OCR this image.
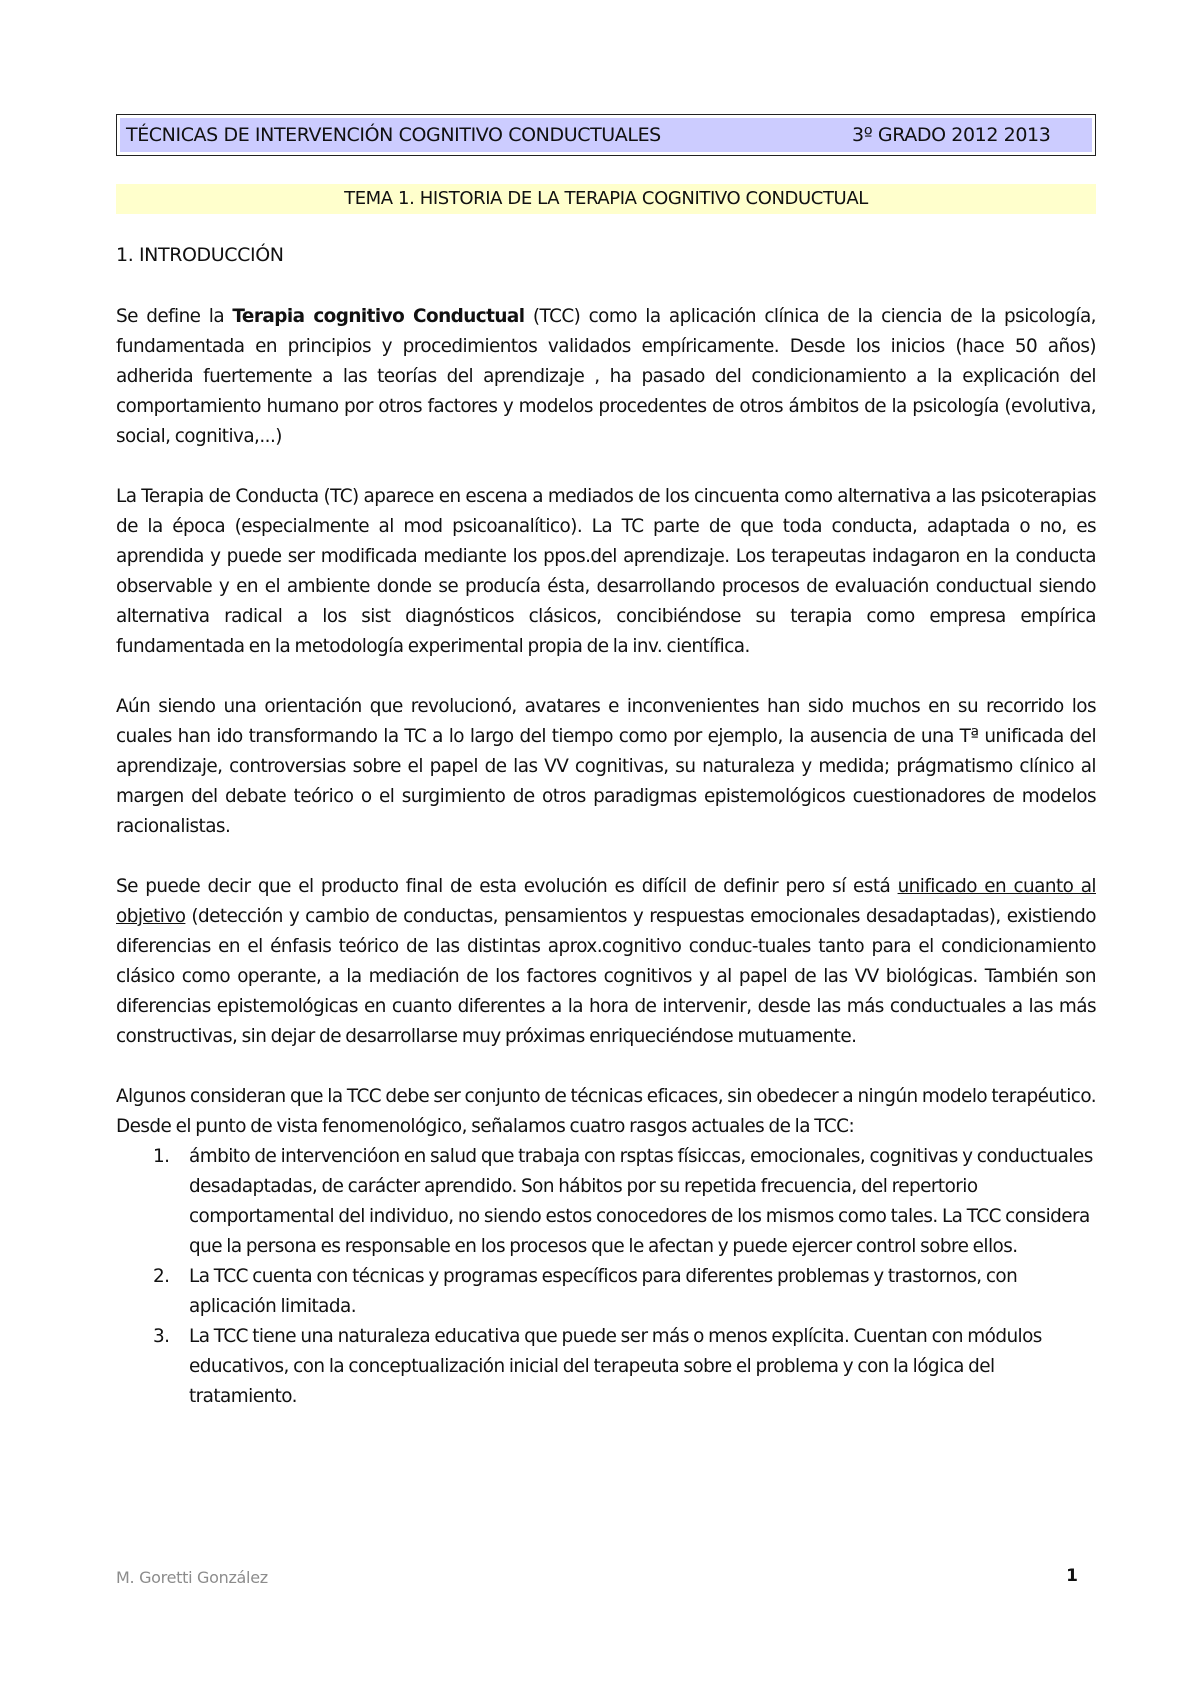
TÉCNICAS DE INTERVENCIÓN COGNITIVO CONDUCTUALES	3º GRADO 2012 2013
TEMA 1. HISTORIA DE LA TERAPIA COGNITIVO CONDUCTUAL
1. INTRODUCCIÓN

Se define la Terapia cognitivo Conductual (TCC) como la aplicación clínica de la ciencia de la psicología, fundamentada en principios y procedimientos validados empíricamente. Desde los inicios (hace 50 años) adherida fuertemente a las teorías del aprendizaje , ha pasado del condicionamiento a la explicación del comportamiento humano por otros factores y modelos procedentes de otros ámbitos de la psicología (evolutiva, social, cognitiva,...)

La Terapia de Conducta (TC) aparece en escena a mediados de los cincuenta como alternativa a las psicoterapias de la época (especialmente al mod psicoanalítico). La TC parte de que toda conducta, adaptada o no, es aprendida y puede ser modificada mediante los ppos.del aprendizaje. Los terapeutas indagaron en la conducta observable y en el ambiente donde se producía ésta, desarrollando procesos de evaluación conductual siendo alternativa radical a los sist diagnósticos clásicos, concibiéndose su terapia como empresa empírica fundamentada en la metodología experimental propia de la inv. científica.

Aún siendo una orientación que revolucionó, avatares e inconvenientes han sido muchos en su recorrido los cuales han ido transformando la TC a lo largo del tiempo como por ejemplo, la ausencia de una Tª unificada del aprendizaje, controversias sobre el papel de las VV cognitivas, su naturaleza y medida; prágmatismo clínico al margen del debate teórico o el surgimiento de otros paradigmas epistemológicos cuestionadores de modelos racionalistas.

Se puede decir que el producto final de esta evolución es difícil de definir pero sí está unificado en cuanto al objetivo (detección y cambio de conductas, pensamientos y respuestas emocionales desadaptadas), existiendo diferencias en el énfasis teórico de las distintas aprox.cognitivo conduc-tuales tanto para el condicionamiento clásico como operante, a la mediación de los factores cognitivos y al papel de las VV biológicas. También son diferencias epistemológicas en cuanto diferentes a la hora de intervenir, desde las más conductuales a las más constructivas, sin dejar de desarrollarse muy próximas enriqueciéndose mutuamente.

Algunos consideran que la TCC debe ser conjunto de técnicas eficaces, sin obedecer a ningún modelo terapéutico. Desde el punto de vista fenomenológico, señalamos cuatro rasgos actuales de la TCC:

1. ámbito de intervencióon en salud que trabaja con rsptas físiccas, emocionales, cognitivas y conductuales desadaptadas, de carácter aprendido. Son hábitos por su repetida frecuencia, del repertorio comportamental del individuo, no siendo estos conocedores de los mismos como tales. La TCC considera que la persona es responsable en los procesos que le afectan y puede ejercer control sobre ellos.
2. La TCC cuenta con técnicas y programas específicos para diferentes problemas y trastornos, con aplicación limitada.
3. La TCC tiene una naturaleza educativa que puede ser más o menos explícita. Cuentan con módulos educativos, con la conceptualización inicial del terapeuta sobre el problema y con la lógica del tratamiento.
M. Goretti González	1
